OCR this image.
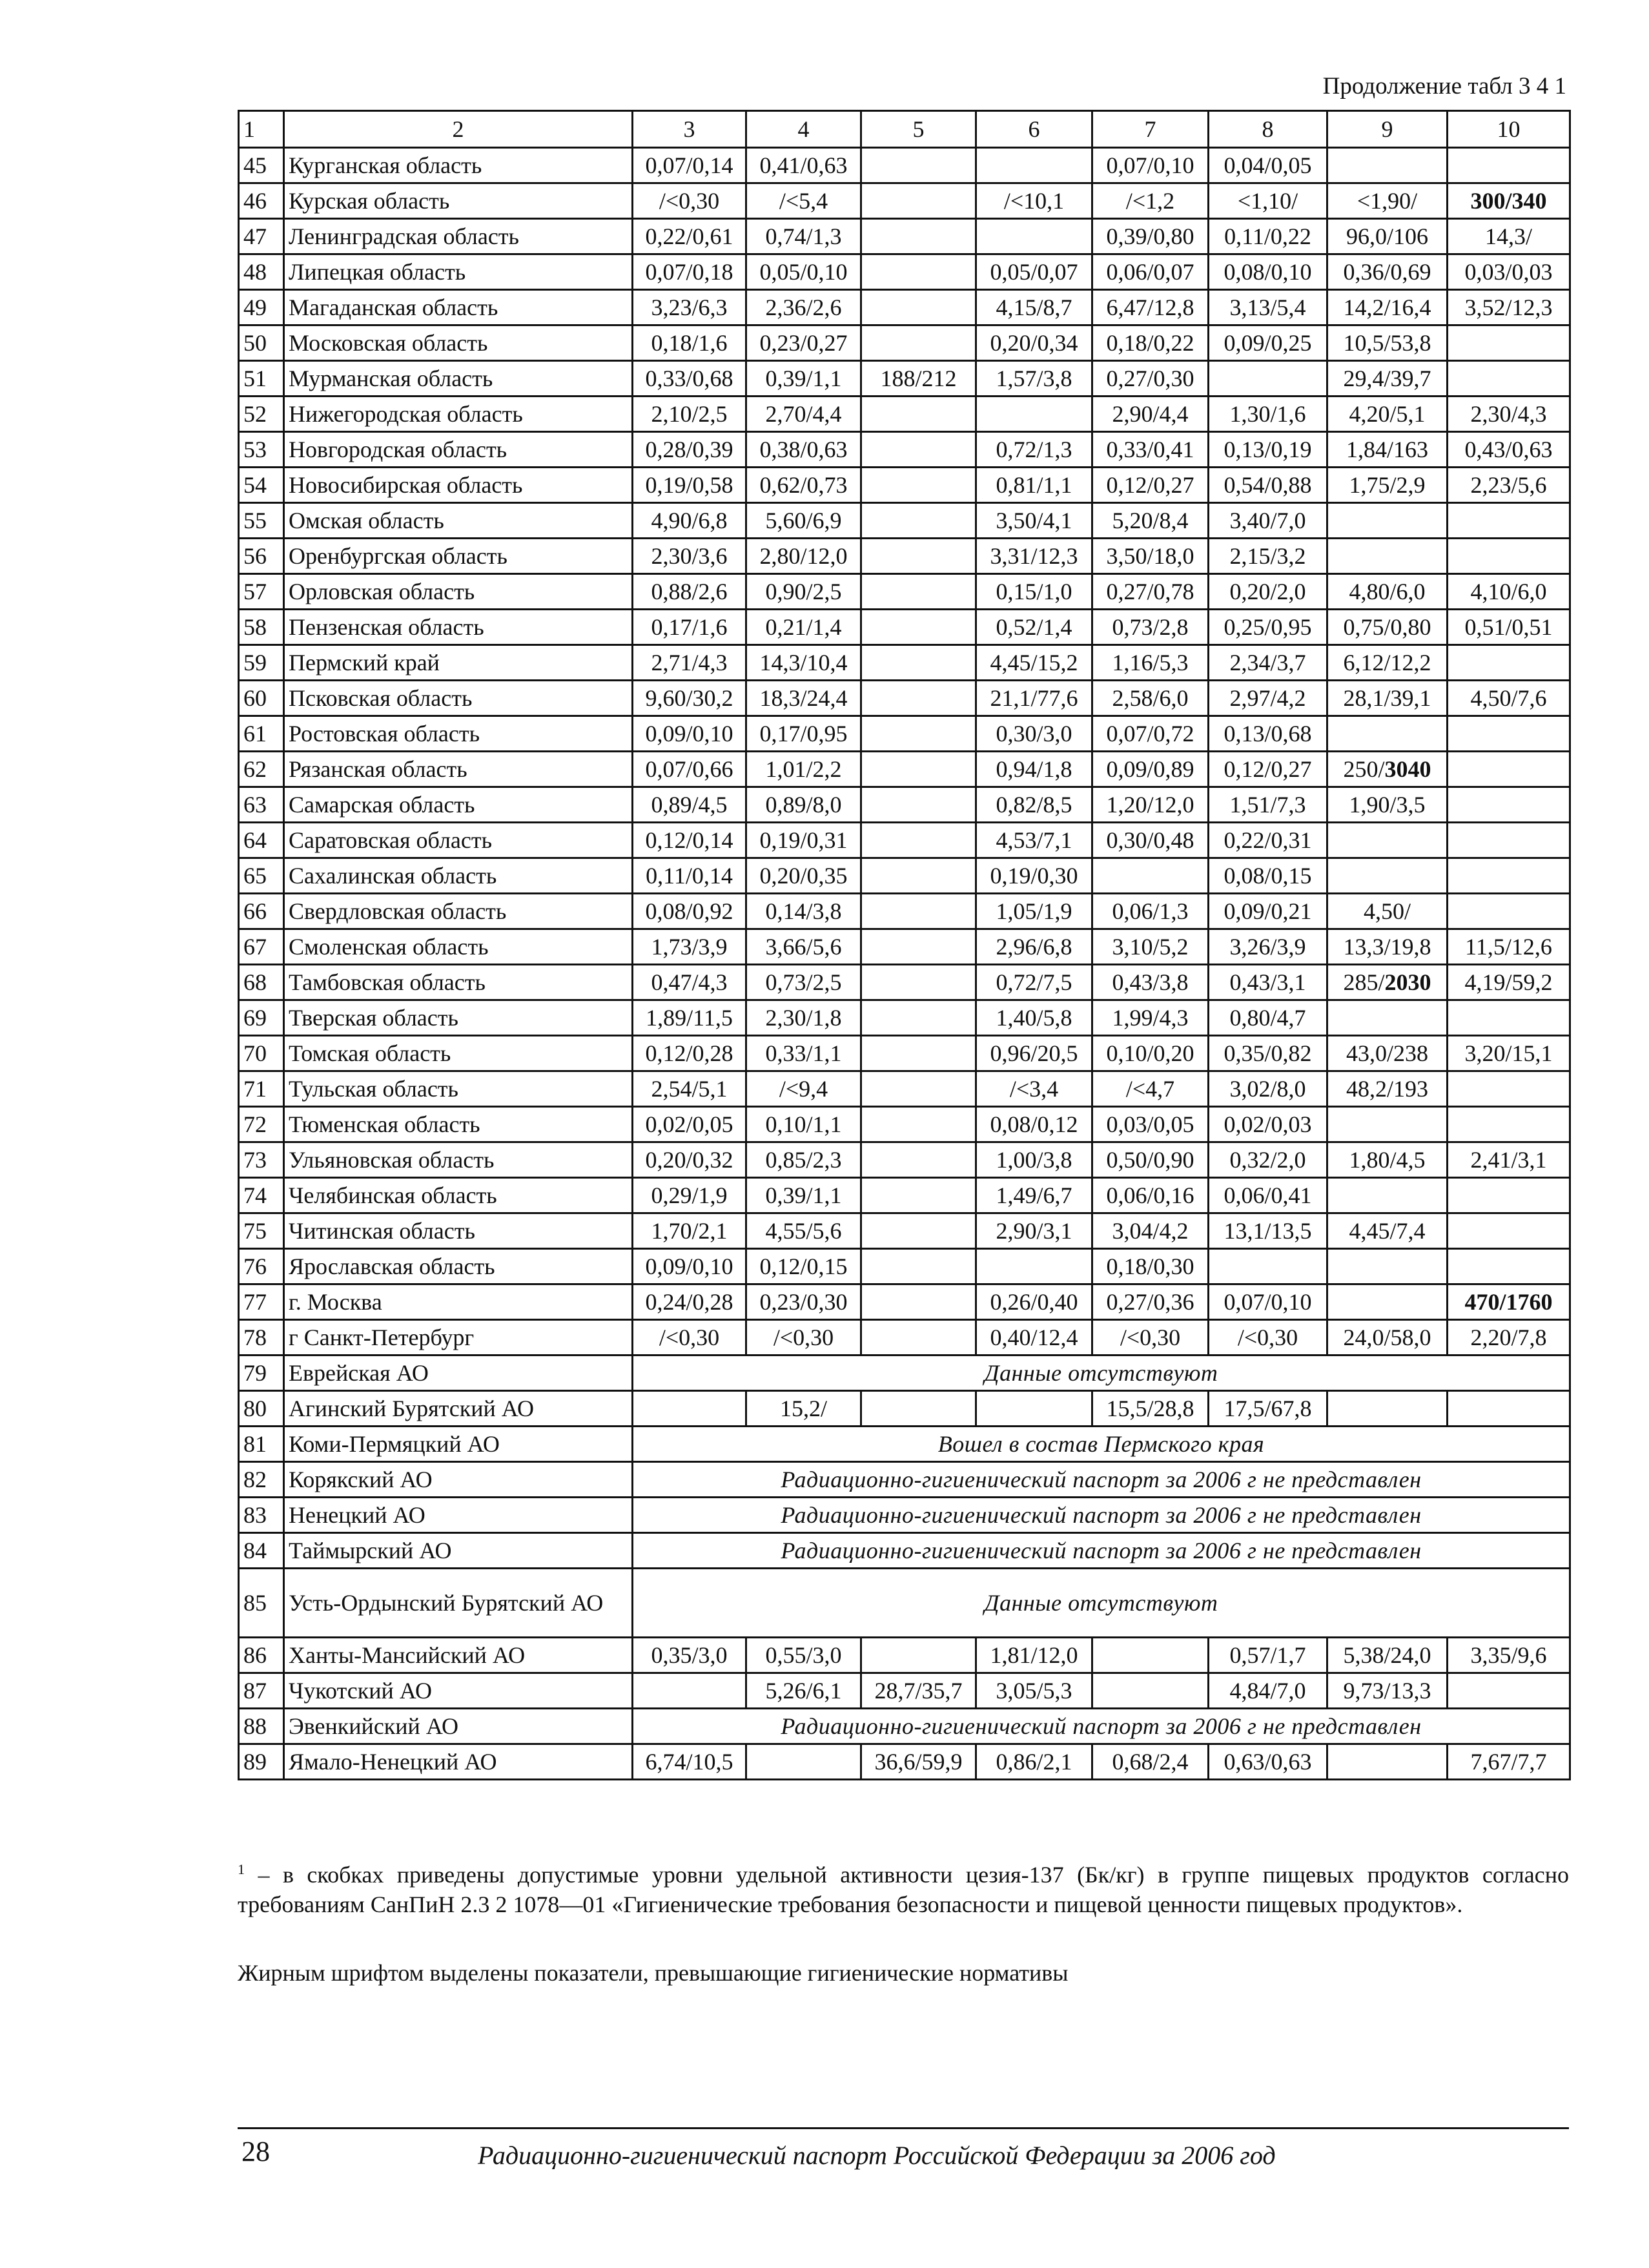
Продолжение табл 3 4 1
1	2	3	4	5	6	7	8	9	10
45	Курганская область	0,07/0,14	0,41/0,63			0,07/0,10	0,04/0,05		
46	Курская область	/<0,30	/<5,4		/<10,1	/<1,2	<1,10/	<1,90/	300/340
47	Ленинградская область	0,22/0,61	0,74/1,3			0,39/0,80	0,11/0,22	96,0/106	14,3/
48	Липецкая область	0,07/0,18	0,05/0,10		0,05/0,07	0,06/0,07	0,08/0,10	0,36/0,69	0,03/0,03
49	Магаданская область	3,23/6,3	2,36/2,6		4,15/8,7	6,47/12,8	3,13/5,4	14,2/16,4	3,52/12,3
50	Московская область	0,18/1,6	0,23/0,27		0,20/0,34	0,18/0,22	0,09/0,25	10,5/53,8	
51	Мурманская область	0,33/0,68	0,39/1,1	188/212	1,57/3,8	0,27/0,30		29,4/39,7	
52	Нижегородская область	2,10/2,5	2,70/4,4			2,90/4,4	1,30/1,6	4,20/5,1	2,30/4,3
53	Новгородская область	0,28/0,39	0,38/0,63		0,72/1,3	0,33/0,41	0,13/0,19	1,84/163	0,43/0,63
54	Новосибирская область	0,19/0,58	0,62/0,73		0,81/1,1	0,12/0,27	0,54/0,88	1,75/2,9	2,23/5,6
55	Омская область	4,90/6,8	5,60/6,9		3,50/4,1	5,20/8,4	3,40/7,0		
56	Оренбургская область	2,30/3,6	2,80/12,0		3,31/12,3	3,50/18,0	2,15/3,2		
57	Орловская область	0,88/2,6	0,90/2,5		0,15/1,0	0,27/0,78	0,20/2,0	4,80/6,0	4,10/6,0
58	Пензенская область	0,17/1,6	0,21/1,4		0,52/1,4	0,73/2,8	0,25/0,95	0,75/0,80	0,51/0,51
59	Пермский край	2,71/4,3	14,3/10,4		4,45/15,2	1,16/5,3	2,34/3,7	6,12/12,2	
60	Псковская область	9,60/30,2	18,3/24,4		21,1/77,6	2,58/6,0	2,97/4,2	28,1/39,1	4,50/7,6
61	Ростовская область	0,09/0,10	0,17/0,95		0,30/3,0	0,07/0,72	0,13/0,68		
62	Рязанская область	0,07/0,66	1,01/2,2		0,94/1,8	0,09/0,89	0,12/0,27	250/3040	
63	Самарская область	0,89/4,5	0,89/8,0		0,82/8,5	1,20/12,0	1,51/7,3	1,90/3,5	
64	Саратовская область	0,12/0,14	0,19/0,31		4,53/7,1	0,30/0,48	0,22/0,31		
65	Сахалинская область	0,11/0,14	0,20/0,35		0,19/0,30		0,08/0,15		
66	Свердловская область	0,08/0,92	0,14/3,8		1,05/1,9	0,06/1,3	0,09/0,21	4,50/	
67	Смоленская область	1,73/3,9	3,66/5,6		2,96/6,8	3,10/5,2	3,26/3,9	13,3/19,8	11,5/12,6
68	Тамбовская область	0,47/4,3	0,73/2,5		0,72/7,5	0,43/3,8	0,43/3,1	285/2030	4,19/59,2
69	Тверская область	1,89/11,5	2,30/1,8		1,40/5,8	1,99/4,3	0,80/4,7		
70	Томская область	0,12/0,28	0,33/1,1		0,96/20,5	0,10/0,20	0,35/0,82	43,0/238	3,20/15,1
71	Тульская область	2,54/5,1	/<9,4		/<3,4	/<4,7	3,02/8,0	48,2/193	
72	Тюменская область	0,02/0,05	0,10/1,1		0,08/0,12	0,03/0,05	0,02/0,03		
73	Ульяновская область	0,20/0,32	0,85/2,3		1,00/3,8	0,50/0,90	0,32/2,0	1,80/4,5	2,41/3,1
74	Челябинская область	0,29/1,9	0,39/1,1		1,49/6,7	0,06/0,16	0,06/0,41		
75	Читинская область	1,70/2,1	4,55/5,6		2,90/3,1	3,04/4,2	13,1/13,5	4,45/7,4	
76	Ярославская область	0,09/0,10	0,12/0,15			0,18/0,30			
77	г. Москва	0,24/0,28	0,23/0,30		0,26/0,40	0,27/0,36	0,07/0,10		470/1760
78	г Санкт-Петербург	/<0,30	/<0,30		0,40/12,4	/<0,30	/<0,30	24,0/58,0	2,20/7,8
79	Еврейская АО	Данные отсутствуют							
80	Агинский Бурятский АО		15,2/			15,5/28,8	17,5/67,8		
81	Коми-Пермяцкий АО	Вошел в состав Пермского края							
82	Корякский АО	Радиационно-гигиенический паспорт за 2006 г не представлен							
83	Ненецкий АО	Радиационно-гигиенический паспорт за 2006 г не представлен							
84	Таймырский АО	Радиационно-гигиенический паспорт за 2006 г не представлен							
85	Усть-Ордынский Бурятский АО	Данные отсутствуют							
86	Ханты-Мансийский АО	0,35/3,0	0,55/3,0		1,81/12,0		0,57/1,7	5,38/24,0	3,35/9,6
87	Чукотский АО		5,26/6,1	28,7/35,7	3,05/5,3		4,84/7,0	9,73/13,3	
88	Эвенкийский АО	Радиационно-гигиенический паспорт за 2006 г не представлен							
89	Ямало-Ненецкий АО	6,74/10,5		36,6/59,9	0,86/2,1	0,68/2,4	0,63/0,63		7,67/7,7
$^1$ – в скобках приведены допустимые уровни удельной активности цезия-137 (Бк/кг) в группе пищевых продуктов согласно требованиям СанПиН 2.3 2 1078—01 «Гигиенические требования безопасности и пищевой ценности пищевых продуктов».
Жирным шрифтом выделены показатели, превышающие гигиенические нормативы
28	Радиационно-гигиенический паспорт Российской Федерации за 2006 год
